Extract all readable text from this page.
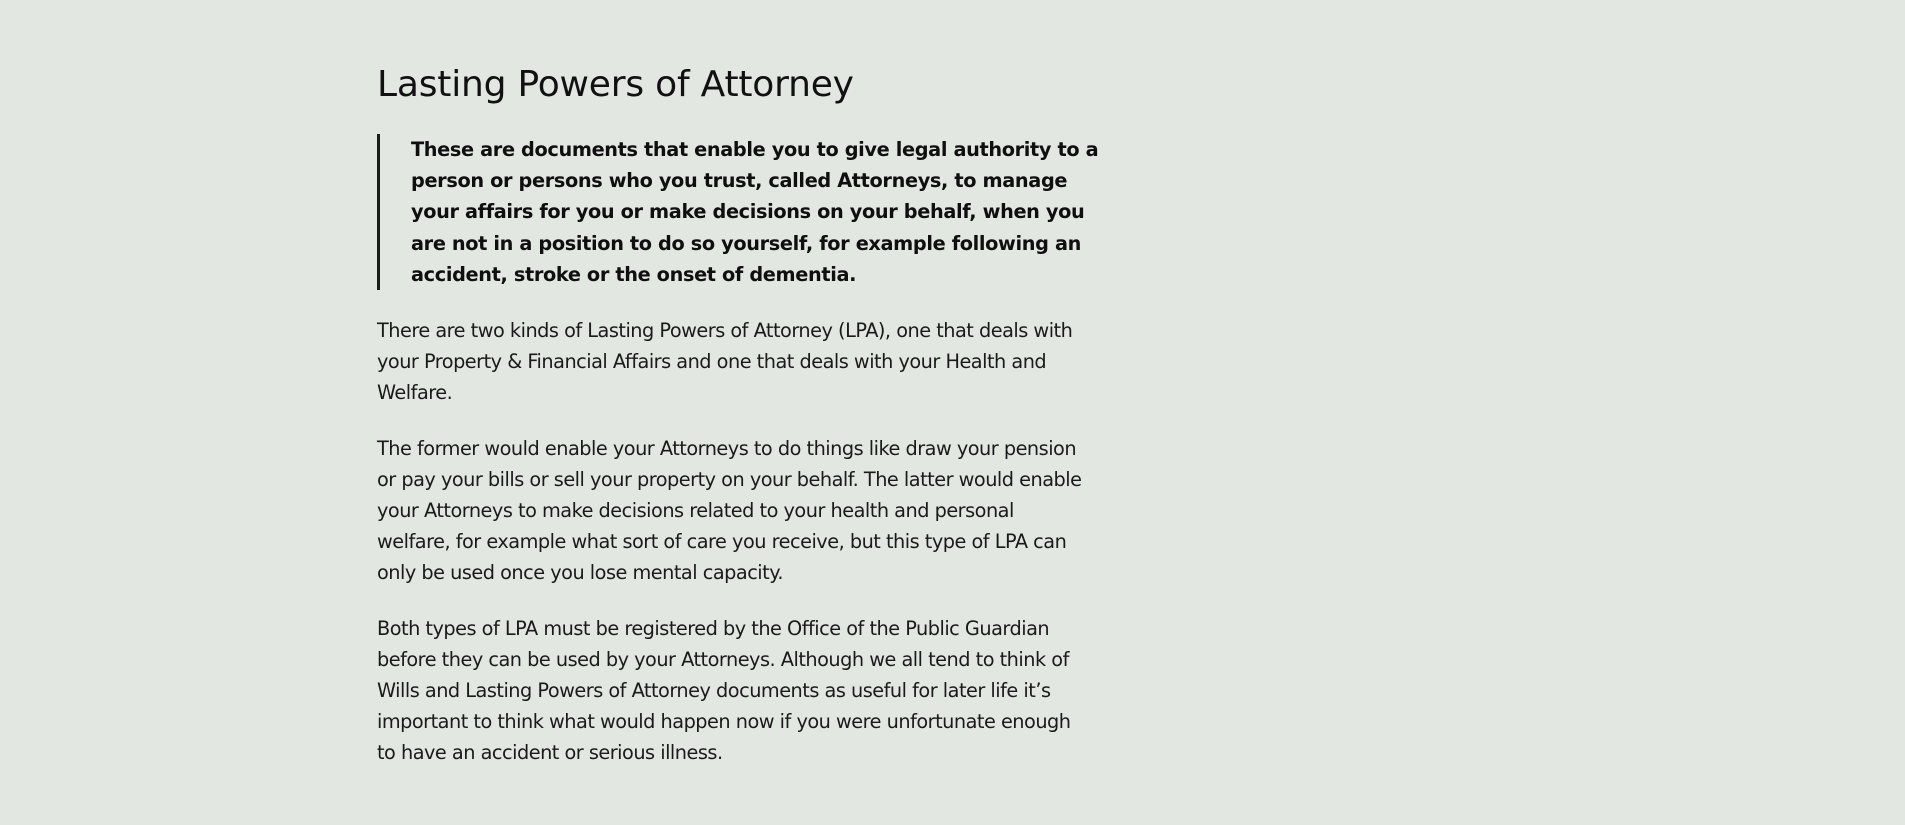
Lasting Powers of Attorney

These are documents that enable you to give legal authority to a person or persons who you trust, called Attorneys, to manage your affairs for you or make decisions on your behalf, when you are not in a position to do so yourself, for example following an accident, stroke or the onset of dementia.

There are two kinds of Lasting Powers of Attorney (LPA), one that deals with your Property & Financial Affairs and one that deals with your Health and Welfare.

The former would enable your Attorneys to do things like draw your pension or pay your bills or sell your property on your behalf. The latter would enable your Attorneys to make decisions related to your health and personal welfare, for example what sort of care you receive, but this type of LPA can only be used once you lose mental capacity.

Both types of LPA must be registered by the Office of the Public Guardian before they can be used by your Attorneys. Although we all tend to think of Wills and Lasting Powers of Attorney documents as useful for later life it’s important to think what would happen now if you were unfortunate enough to have an accident or serious illness.
